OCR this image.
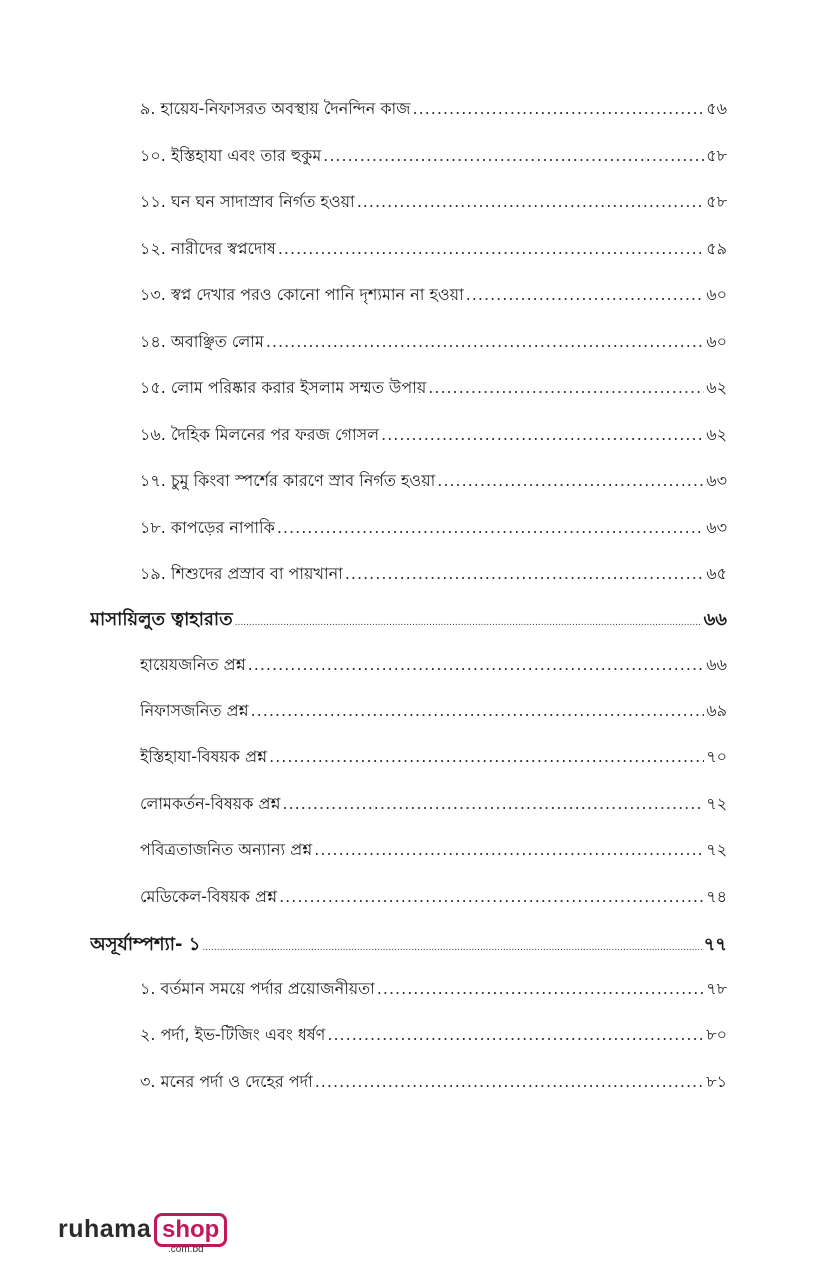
৯. হায়েয-নিফাসরত অবস্থায় দৈনন্দিন কাজ .....	৫৬
১০. ইস্তিহাযা এবং তার হুকুম .....	৫৮
১১. ঘন ঘন সাদাস্রাব নির্গত হওয়া .....	৫৮
১২. নারীদের স্বপ্নদোষ .....	৫৯
১৩. স্বপ্ন দেখার পরও কোনো পানি দৃশ্যমান না হওয়া .....	৬০
১৪. অবাঞ্ছিত লোম .....	৬০
১৫. লোম পরিষ্কার করার ইসলাম সম্মত উপায় .....	৬২
১৬. দৈহিক মিলনের পর ফরজ গোসল .....	৬২
১৭. চুমু কিংবা স্পর্শের কারণে স্রাব নির্গত হওয়া .....	৬৩
১৮. কাপড়ের নাপাকি .....	৬৩
১৯. শিশুদের প্রস্রাব বা পায়খানা .....	৬৫
মাসায়িলুত ত্বাহারাত .....	৬৬
হায়েযজনিত প্রশ্ন .....	৬৬
নিফাসজনিত প্রশ্ন .....	৬৯
ইস্তিহাযা-বিষয়ক প্রশ্ন .....	৭০
লোমকর্তন-বিষয়ক প্রশ্ন .....	৭২
পবিত্রতাজনিত অন্যান্য প্রশ্ন .....	৭২
মেডিকেল-বিষয়ক প্রশ্ন .....	৭৪
অসূর্যাম্পশ্যা- ১ .....	৭৭
১. বর্তমান সময়ে পর্দার প্রয়োজনীয়তা .....	৭৮
২. পর্দা, ইভ-টিজিং এবং ধর্ষণ .....	৮০
৩. মনের পর্দা ও দেহের পর্দা .....	৮১
ruhama shop
.com.bd
